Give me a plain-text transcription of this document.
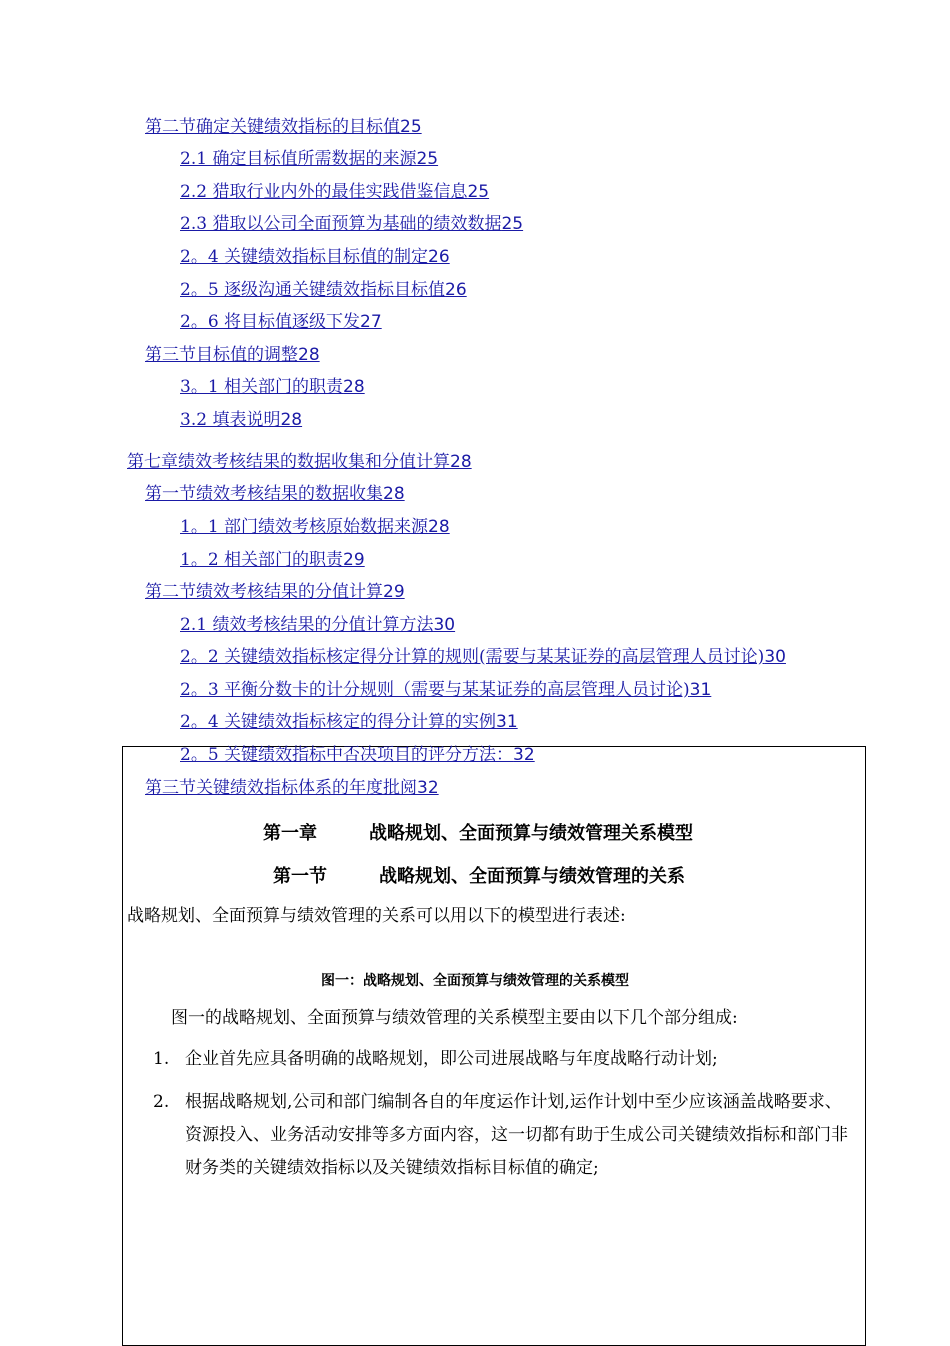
第二节确定关键绩效指标的目标值25
2.1 确定目标值所需数据的来源25
2.2 猎取行业内外的最佳实践借鉴信息25
2.3 猎取以公司全面预算为基础的绩效数据25
2。4 关键绩效指标目标值的制定26
2。5 逐级沟通关键绩效指标目标值26
2。6 将目标值逐级下发27
第三节目标值的调整28
3。1 相关部门的职责28
3.2 填表说明28
第七章绩效考核结果的数据收集和分值计算28
第一节绩效考核结果的数据收集28
1。1 部门绩效考核原始数据来源28
1。2 相关部门的职责29
第二节绩效考核结果的分值计算29
2.1 绩效考核结果的分值计算方法30
2。2 关键绩效指标核定得分计算的规则(需要与某某证券的高层管理人员讨论)30
2。3 平衡分数卡的计分规则（需要与某某证券的高层管理人员讨论)31
2。4 关键绩效指标核定的得分计算的实例31
2。5 关键绩效指标中否决项目的评分方法：32
第三节关键绩效指标体系的年度批阅32
第一章	战略规划、全面预算与绩效管理关系模型
第一节	战略规划、全面预算与绩效管理的关系
战略规划、全面预算与绩效管理的关系可以用以下的模型进行表述:
图一：战略规划、全面预算与绩效管理的关系模型
图一的战略规划、全面预算与绩效管理的关系模型主要由以下几个部分组成:
1. 企业首先应具备明确的战略规划，即公司进展战略与年度战略行动计划;
2. 根据战略规划,公司和部门编制各自的年度运作计划,运作计划中至少应该涵盖战略要求、资源投入、业务活动安排等多方面内容，这一切都有助于生成公司关键绩效指标和部门非财务类的关键绩效指标以及关键绩效指标目标值的确定;
